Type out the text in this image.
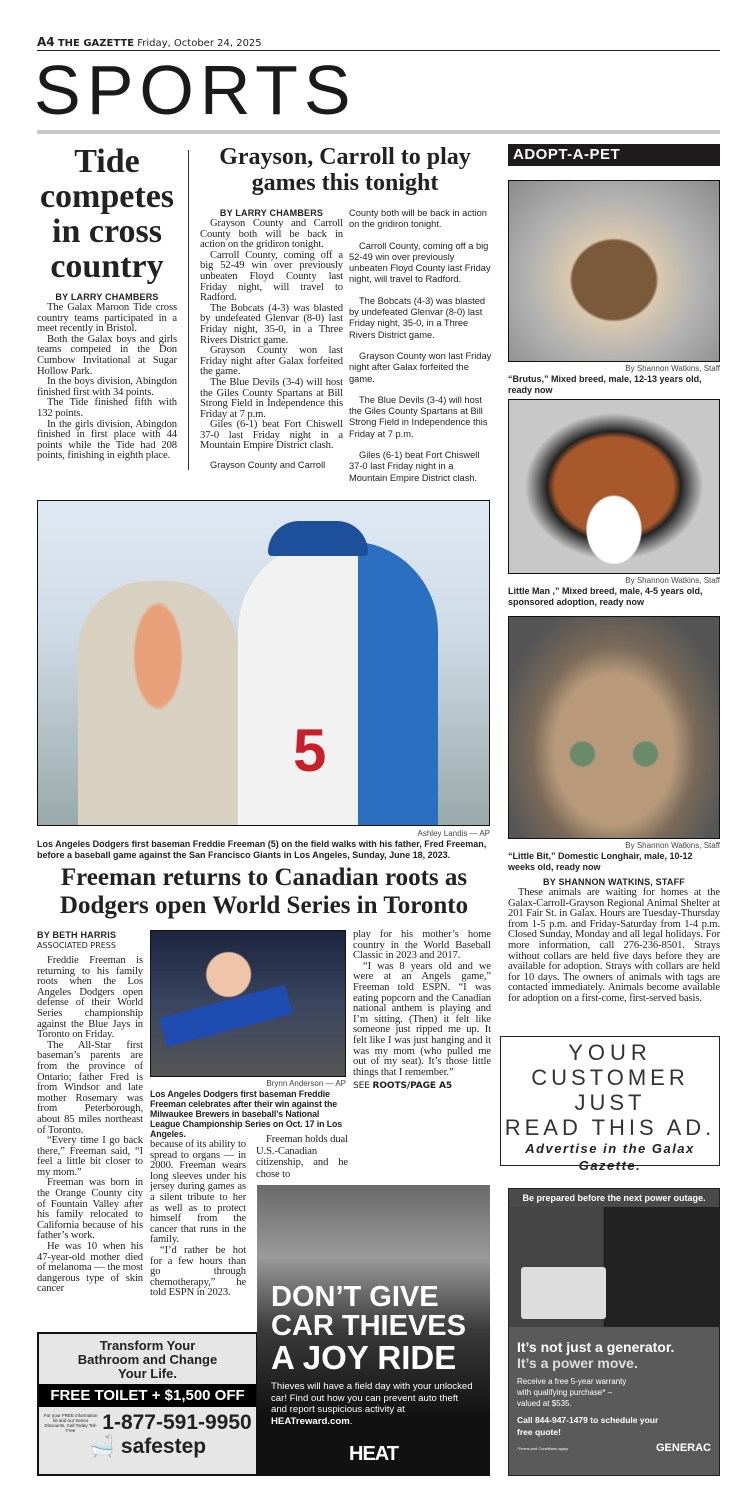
A4 THE GAZETTE Friday, October 24, 2025
SPORTS
Tide competes in cross country
BY LARRY CHAMBERS

The Galax Maroon Tide cross country teams participated in a meet recently in Bristol.

Both the Galax boys and girls teams competed in the Don Cumbow Invitational at Sugar Hollow Park.

In the boys division, Abingdon finished first with 34 points.

The Tide finished fifth with 132 points.

In the girls division, Abingdon finished in first place with 44 points while the Tide had 208 points, finishing in eighth place.

Grayson, Carroll to play games this tonight
BY LARRY CHAMBERS

Grayson County and Carroll County both will be back in action on the gridiron tonight.

Carroll County, coming off a big 52-49 win over previously unbeaten Floyd County last Friday night, will travel to Radford.

The Bobcats (4-3) was blasted by undefeated Glenvar (8-0) last Friday night, 35-0, in a Three Rivers District game.

Grayson County won last Friday night after Galax forfeited the game.

The Blue Devils (3-4) will host the Giles County Spartans at Bill Strong Field in Independence this Friday at 7 p.m.

Giles (6-1) beat Fort Chiswell 37-0 last Friday night in a Mountain Empire District clash.

Grayson County and Carroll

County both will be back in action on the gridiron tonight.

Carroll County, coming off a big 52-49 win over previously unbeaten Floyd County last Friday night, will travel to Radford.

The Bobcats (4-3) was blasted by undefeated Glenvar (8-0) last Friday night, 35-0, in a Three Rivers District game.

Grayson County won last Friday night after Galax forfeited the game.

The Blue Devils (3-4) will host the Giles County Spartans at Bill Strong Field in Independence this Friday at 7 p.m.

Giles (6-1) beat Fort Chiswell 37-0 last Friday night in a Mountain Empire District clash.

5
Ashley Landis — AP
Los Angeles Dodgers first baseman Freddie Freeman (5) on the field walks with his father, Fred Freeman, before a baseball game against the San Francisco Giants in Los Angeles, Sunday, June 18, 2023.
Freeman returns to Canadian roots as Dodgers open World Series in Toronto
BY BETH HARRIS
ASSOCIATED PRESS

Freddie Freeman is returning to his family roots when the Los Angeles Dodgers open defense of their World Series championship against the Blue Jays in Toronto on Friday.

The All-Star first baseman’s parents are from the province of Ontario; father Fred is from Windsor and late mother Rosemary was from Peterborough, about 85 miles northeast of Toronto.

“Every time I go back there,” Freeman said, “I feel a little bit closer to my mom.”

Freeman was born in the Orange County city of Fountain Valley after his family relocated to California because of his father’s work.

He was 10 when his 47-year-old mother died of melanoma — the most dangerous type of skin cancer

Brynn Anderson — AP
Los Angeles Dodgers first baseman Freddie Freeman celebrates after their win against the Milwaukee Brewers in baseball’s National League Championship Series on Oct. 17 in Los Angeles.

because of its ability to spread to organs — in 2000. Freeman wears long sleeves under his jersey during games as a silent tribute to her as well as to protect himself from the cancer that runs in the family.

“I’d rather be hot for a few hours than go through chemotherapy,” he told ESPN in 2023.

Freeman holds dual U.S.-Canadian citizenship, and he chose to

play for his mother’s home country in the World Baseball Classic in 2023 and 2017.

“I was 8 years old and we were at an Angels game,” Freeman told ESPN. “I was eating popcorn and the Canadian national anthem is playing and I’m sitting. (Then) it felt like someone just ripped me up. It felt like I was just hanging and it was my mom (who pulled me out of my seat). It’s those little things that I remember.”

SEE ROOTS/PAGE A5
ADOPT-A-PET
By Shannon Watkins, Staff
“Brutus,” Mixed breed, male, 12-13 years old, ready now
By Shannon Watkins, Staff
Little Man ,” Mixed breed, male, 4-5 years old, sponsored adoption, ready now
By Shannon Watkins, Staff
“Little Bit,” Domestic Longhair, male, 10-12 weeks old, ready now
BY SHANNON WATKINS, STAFF

These animals are waiting for homes at the Galax-Carroll-Grayson Regional Animal Shelter at 201 Fair St. in Galax. Hours are Tuesday-Thursday from 1-5 p.m. and Friday-Saturday from 1-4 p.m. Closed Sunday, Monday and all legal holidays. For more information, call 276-236-8501. Strays without collars are held five days before they are available for adoption. Strays with collars are held for 10 days. The owners of animals with tags are contacted immediately. Animals become available for adoption on a first-come, first-served basis.

YOUR
CUSTOMER JUST
READ THIS AD.
Advertise in the Galax Gazette.
Transform Your Bathroom and Change Your Life.
FREE TOILET + $1,500 OFF
For your FREE information kit and our Senior Discounts, Call Today Toll-Free	1-877-591-9950
🛁 safestep
DON’T GIVE
CAR THIEVES
A JOY RIDE
Thieves will have a field day with your unlocked car! Find out how you can prevent auto theft and report suspicious activity at HEATreward.com.
HEAT
Be prepared before the next power outage.
It’s not just a generator.
It’s a power move.
Receive a free 5-year warranty with qualifying purchase* – valued at $535.
Call 844-947-1479 to schedule your free quote!
*Terms and Conditions apply.	GENERAC
